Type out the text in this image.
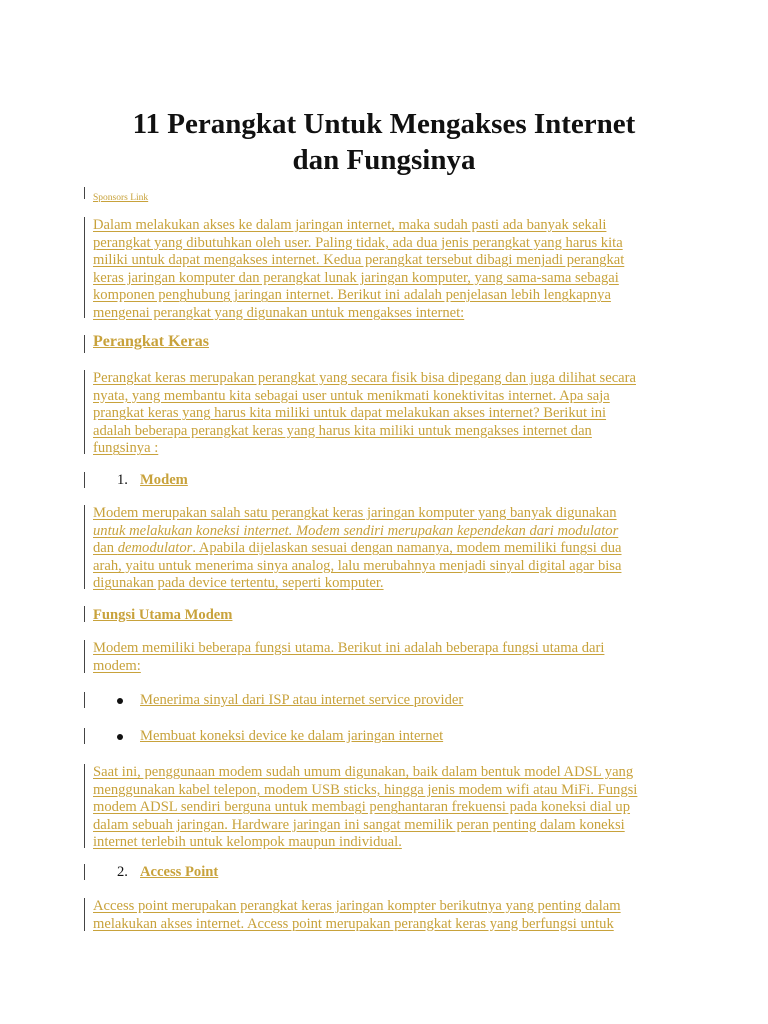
11 Perangkat Untuk Mengakses Internet
dan Fungsinya
Sponsors Link
Dalam melakukan akses ke dalam jaringan internet, maka sudah pasti ada banyak sekali
perangkat yang dibutuhkan oleh user. Paling tidak, ada dua jenis perangkat yang harus kita
miliki untuk dapat mengakses internet. Kedua perangkat tersebut dibagi menjadi perangkat
keras jaringan komputer dan perangkat lunak jaringan komputer, yang sama-sama sebagai
komponen penghubung jaringan internet. Berikut ini adalah penjelasan lebih lengkapnya
mengenai perangkat yang digunakan untuk mengakses internet:
Perangkat Keras
Perangkat keras merupakan perangkat yang secara fisik bisa dipegang dan juga dilihat secara
nyata, yang membantu kita sebagai user untuk menikmati konektivitas internet. Apa saja
prangkat keras yang harus kita miliki untuk dapat melakukan akses internet? Berikut ini
adalah beberapa perangkat keras yang harus kita miliki untuk mengakses internet dan
fungsinya :
1. Modem
Modem merupakan salah satu perangkat keras jaringan komputer yang banyak digunakan
untuk melakukan koneksi internet. Modem sendiri merupakan kependekan dari modulator
dan demodulator. Apabila dijelaskan sesuai dengan namanya, modem memiliki fungsi dua
arah, yaitu untuk menerima sinya analog, lalu merubahnya menjadi sinyal digital agar bisa
digunakan pada device tertentu, seperti komputer.
Fungsi Utama Modem
Modem memiliki beberapa fungsi utama. Berikut ini adalah beberapa fungsi utama dari
modem:
Menerima sinyal dari ISP atau internet service provider
Membuat koneksi device ke dalam jaringan internet
Saat ini, penggunaan modem sudah umum digunakan, baik dalam bentuk model ADSL yang
menggunakan kabel telepon, modem USB sticks, hingga jenis modem wifi atau MiFi. Fungsi
modem ADSL sendiri berguna untuk membagi penghantaran frekuensi pada koneksi dial up
dalam sebuah jaringan. Hardware jaringan ini sangat memilik peran penting dalam koneksi
internet terlebih untuk kelompok maupun individual.
2. Access Point
Access point merupakan perangkat keras jaringan kompter berikutnya yang penting dalam
melakukan akses internet. Access point merupakan perangkat keras yang berfungsi untuk
